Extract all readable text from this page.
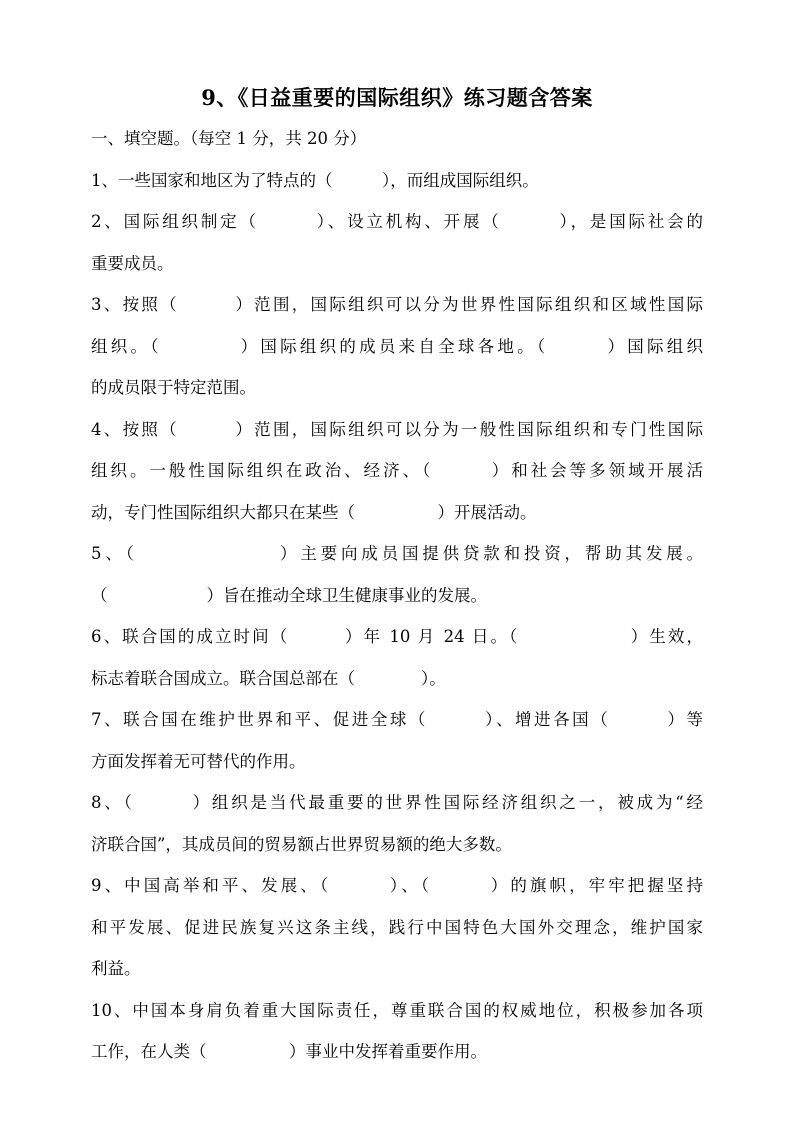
9、《日益重要的国际组织》练习题含答案
一、填空题。（每空 1 分，共 20 分）
1、一些国家和地区为了特点的（　　　），而组成国际组织。
2、国际组织制定（　　　）、设立机构、开展（　　　），是国际社会的
重要成员。
3、按照（　　　）范围，国际组织可以分为世界性国际组织和区域性国际
组织。（　　　　）国际组织的成员来自全球各地。（　　　）国际组织
的成员限于特定范围。
4、按照（　　　）范围，国际组织可以分为一般性国际组织和专门性国际
组织。一般性国际组织在政治、经济、（　　　）和社会等多领域开展活
动，专门性国际组织大都只在某些（　　　　　）开展活动。
5、（　　　　　　　）主要向成员国提供贷款和投资，帮助其发展。
（　　　　　　）旨在推动全球卫生健康事业的发展。
6、联合国的成立时间（　　　）年 10 月 24 日。（　　　　　　）生效，
标志着联合国成立。联合国总部在（　　　　）。
7、联合国在维护世界和平、促进全球（　　　）、增进各国（　　　）等
方面发挥着无可替代的作用。
8、（　　　）组织是当代最重要的世界性国际经济组织之一，被成为“经
济联合国”，其成员间的贸易额占世界贸易额的绝大多数。
9、中国高举和平、发展、（　　　）、（　　　）的旗帜，牢牢把握坚持
和平发展、促进民族复兴这条主线，践行中国特色大国外交理念，维护国家
利益。
10、中国本身肩负着重大国际责任，尊重联合国的权威地位，积极参加各项
工作，在人类（　　　　　）事业中发挥着重要作用。
